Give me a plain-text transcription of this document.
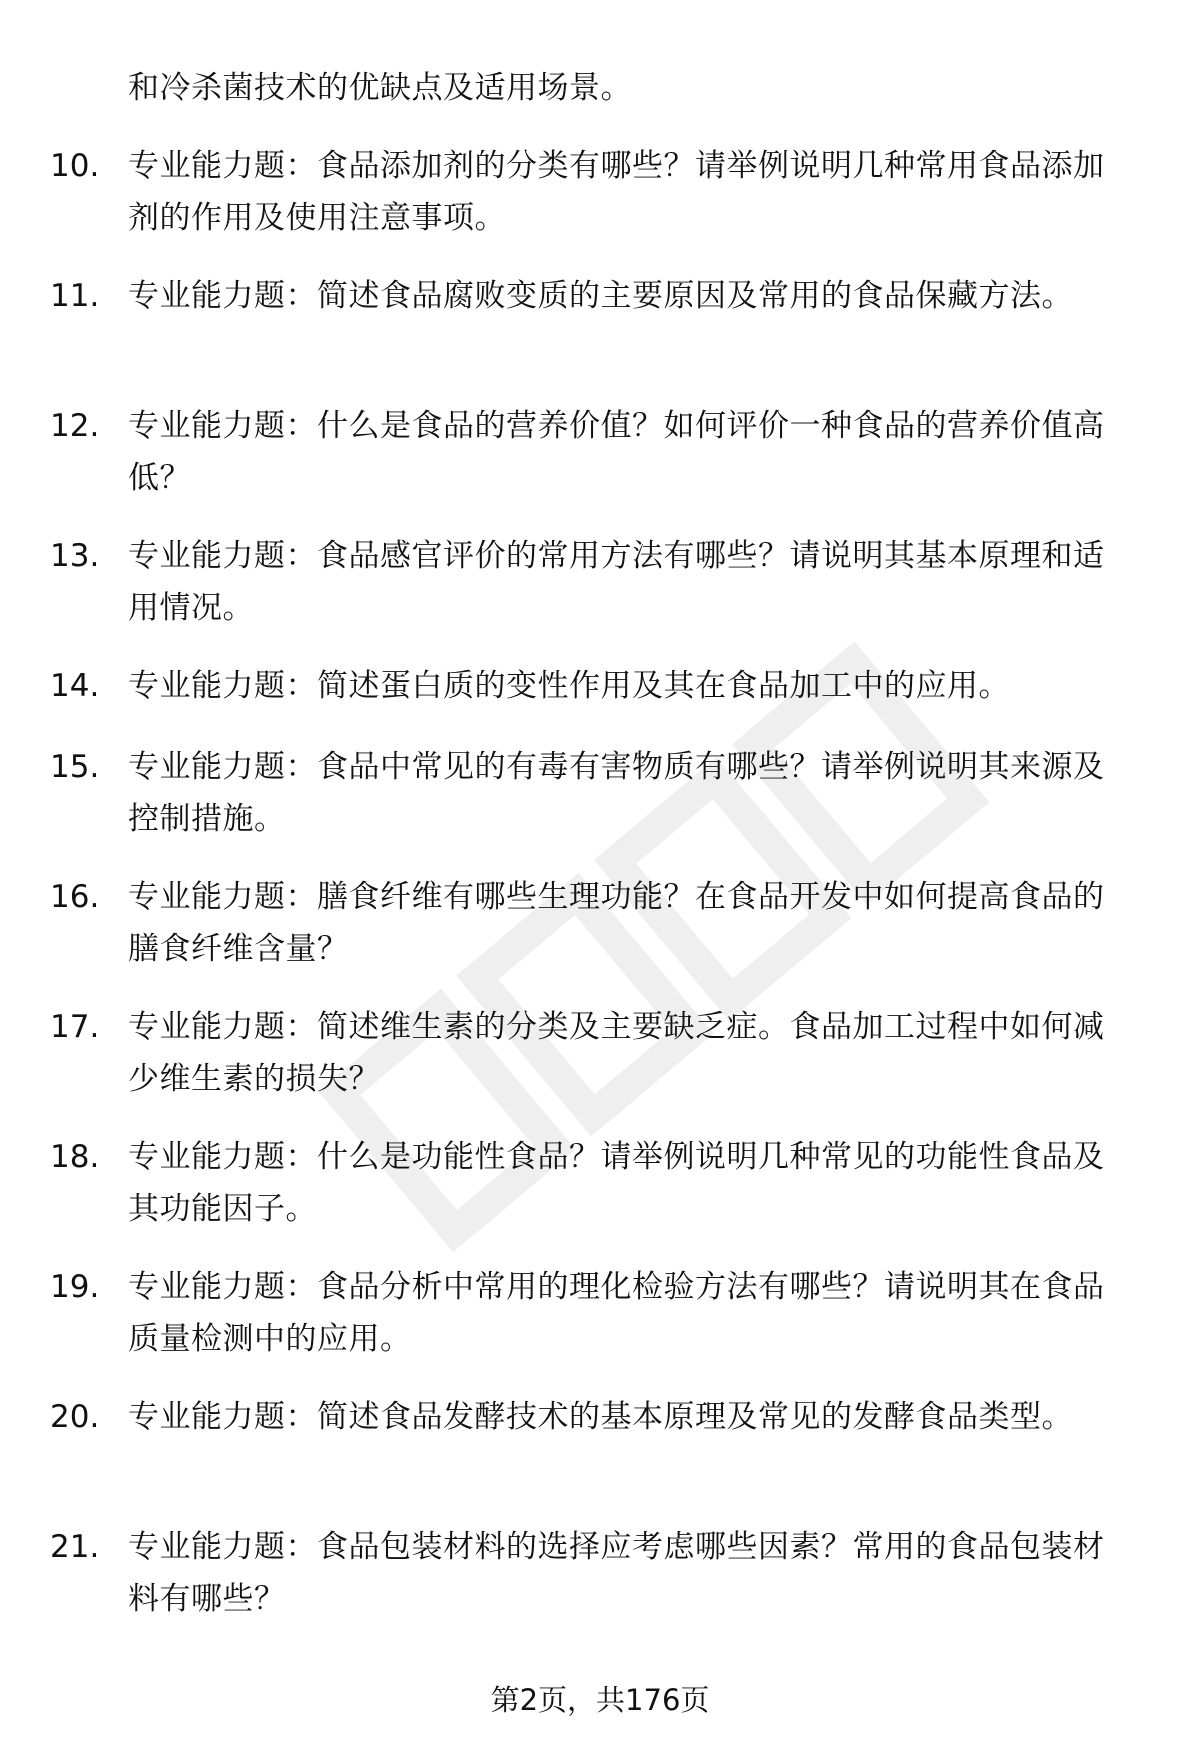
和冷杀菌技术的优缺点及适用场景。
10. 专业能力题：食品添加剂的分类有哪些？请举例说明几种常用食品添加剂的作用及使用注意事项。
11. 专业能力题：简述食品腐败变质的主要原因及常用的食品保藏方法。
12. 专业能力题：什么是食品的营养价值？如何评价一种食品的营养价值高低？
13. 专业能力题：食品感官评价的常用方法有哪些？请说明其基本原理和适用情况。
14. 专业能力题：简述蛋白质的变性作用及其在食品加工中的应用。
15. 专业能力题：食品中常见的有毒有害物质有哪些？请举例说明其来源及控制措施。
16. 专业能力题：膳食纤维有哪些生理功能？在食品开发中如何提高食品的膳食纤维含量？
17. 专业能力题：简述维生素的分类及主要缺乏症。食品加工过程中如何减少维生素的损失？
18. 专业能力题：什么是功能性食品？请举例说明几种常见的功能性食品及其功能因子。
19. 专业能力题：食品分析中常用的理化检验方法有哪些？请说明其在食品质量检测中的应用。
20. 专业能力题：简述食品发酵技术的基本原理及常见的发酵食品类型。
21. 专业能力题：食品包装材料的选择应考虑哪些因素？常用的食品包装材料有哪些？
第2页，共176页
